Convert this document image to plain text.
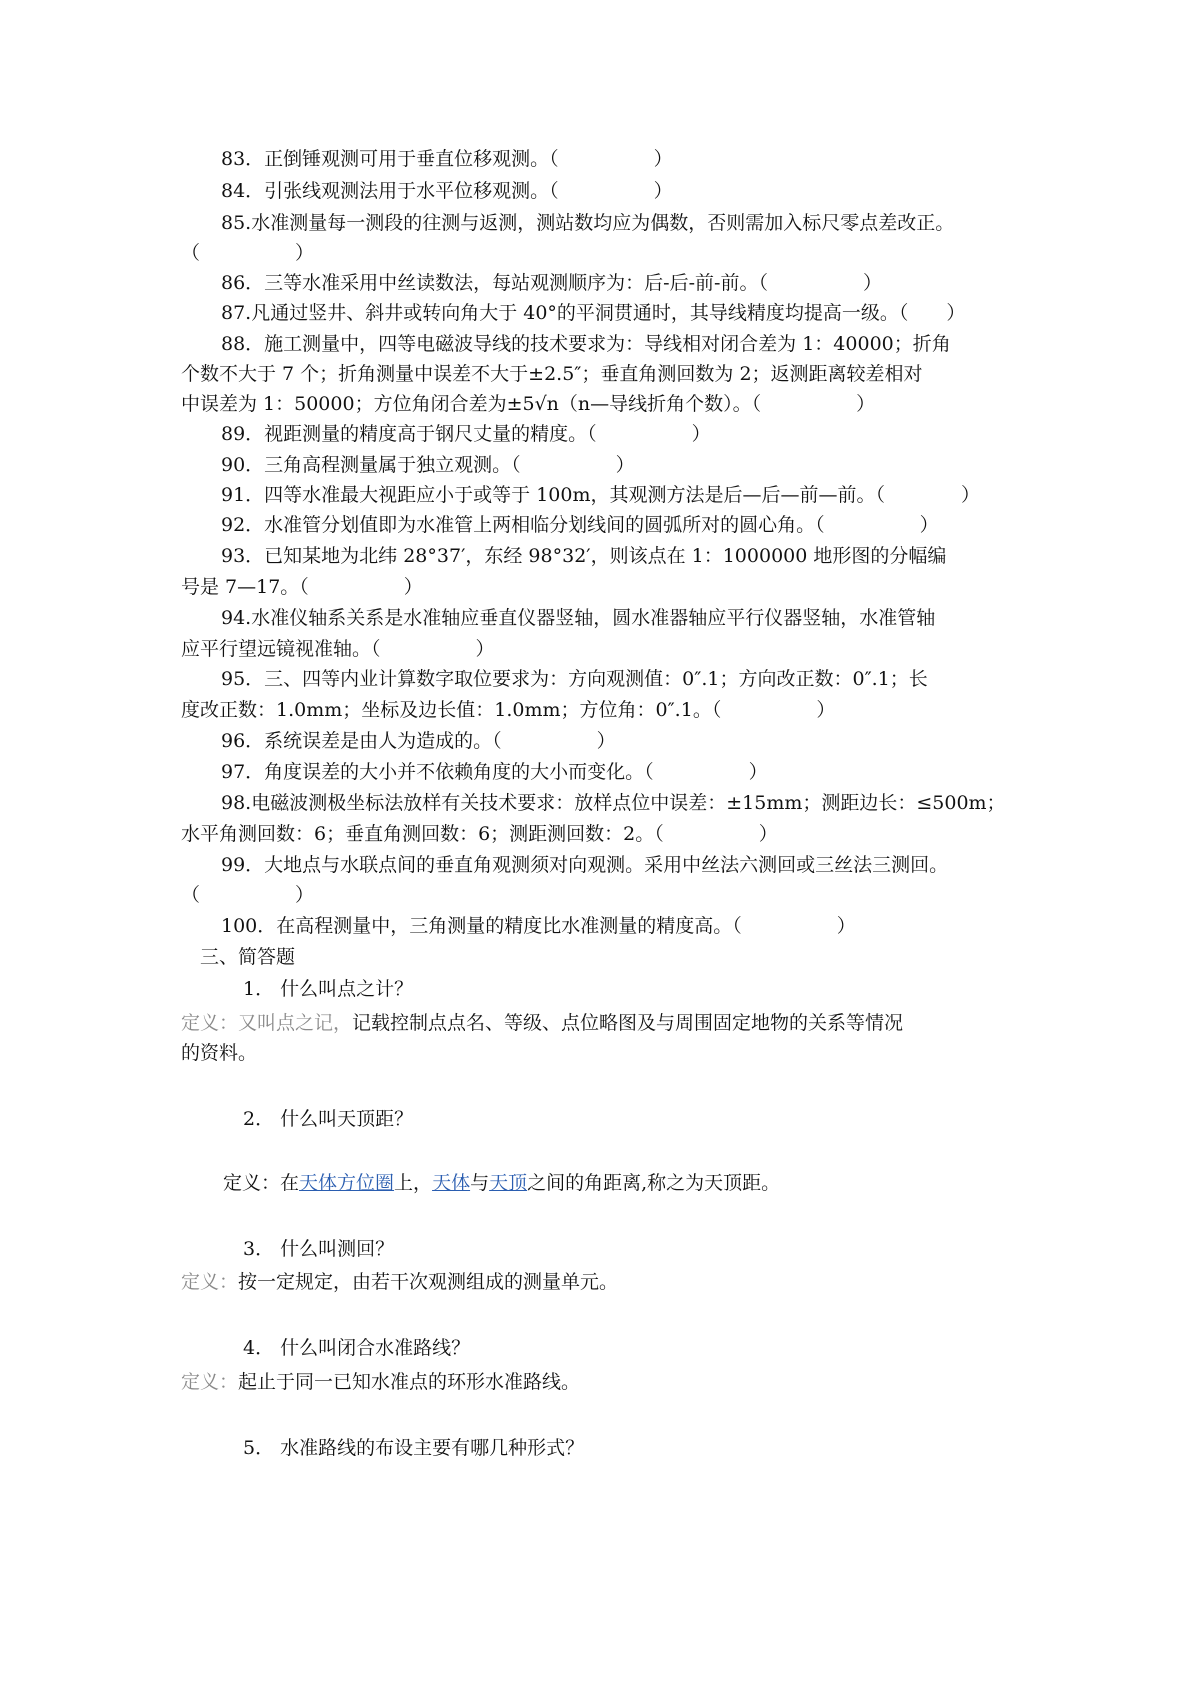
83．正倒锤观测可用于垂直位移观测。（　　　　　）
84．引张线观测法用于水平位移观测。（　　　　　）
85.水准测量每一测段的往测与返测，测站数均应为偶数，否则需加入标尺零点差改正。
（　　　　　）
86．三等水准采用中丝读数法，每站观测顺序为：后-后-前-前。（　　　　　）
87.凡通过竖井、斜井或转向角大于 40°的平洞贯通时，其导线精度均提高一级。（　　）
88．施工测量中，四等电磁波导线的技术要求为：导线相对闭合差为 1：40000；折角
个数不大于 7 个；折角测量中误差不大于±2.5″；垂直角测回数为 2；返测距离较差相对
中误差为 1：50000；方位角闭合差为±5√n（n—导线折角个数）。（　　　　　）
89．视距测量的精度高于钢尺丈量的精度。（　　　　　）
90．三角高程测量属于独立观测。（　　　　　）
91．四等水准最大视距应小于或等于 100m，其观测方法是后—后—前—前。（　　　　）
92．水准管分划值即为水准管上两相临分划线间的圆弧所对的圆心角。（　　　　　）
93．已知某地为北纬 28°37′，东经 98°32′，则该点在 1：1000000 地形图的分幅编
号是 7—17。（　　　　　）
94.水准仪轴系关系是水准轴应垂直仪器竖轴，圆水准器轴应平行仪器竖轴，水准管轴
应平行望远镜视准轴。（　　　　　）
95．三、四等内业计算数字取位要求为：方向观测值：0″.1；方向改正数：0″.1；长
度改正数：1.0mm；坐标及边长值：1.0mm；方位角：0″.1。（　　　　　）
96．系统误差是由人为造成的。（　　　　　）
97．角度误差的大小并不依赖角度的大小而变化。（　　　　　）
98.电磁波测极坐标法放样有关技术要求：放样点位中误差：±15mm；测距边长：≤500m；
水平角测回数：6；垂直角测回数：6；测距测回数：2。（　　　　　）
99．大地点与水联点间的垂直角观测须对向观测。采用中丝法六测回或三丝法三测回。
（　　　　　）
100．在高程测量中，三角测量的精度比水准测量的精度高。（　　　　　）
三、简答题
1． 什么叫点之计？
定义：又叫点之记，记载控制点点名、等级、点位略图及与周围固定地物的关系等情况
的资料。
2． 什么叫天顶距？
定义：在天体方位圈上，天体与天顶之间的角距离,称之为天顶距。
3． 什么叫测回？
定义：按一定规定，由若干次观测组成的测量单元。
4． 什么叫闭合水准路线？
定义：起止于同一已知水准点的环形水准路线。
5． 水准路线的布设主要有哪几种形式？
